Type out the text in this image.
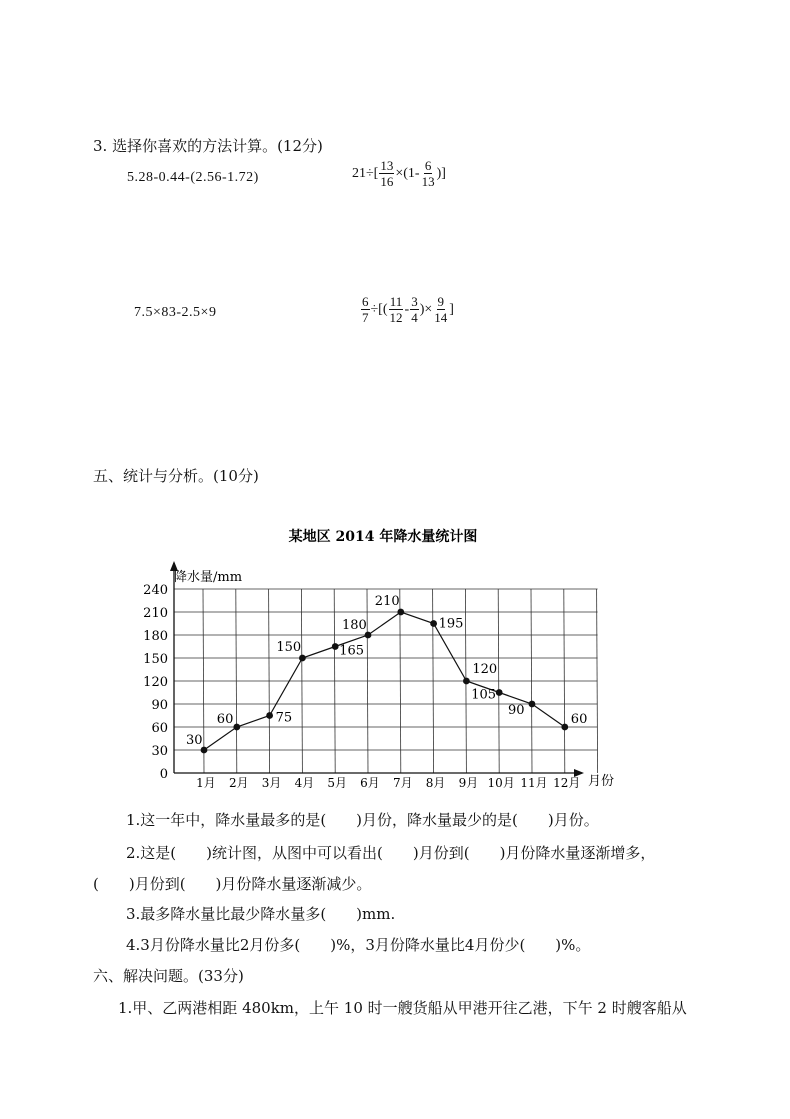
3. 选择你喜欢的方法计算。(12分)
5.28-0.44-(2.56-1.72)	$21\div[ \frac{13}{16} \times(1- \frac{6}{13}$ )]
7.5×83-2.5×9	$\frac{6}{7}$ ÷[( $\frac{11}{12} - \frac{3}{4}$ )× $\frac{9}{14}$ ]
五、统计与分析。(10分)
某地区 2014 年降水量统计图
降水量/mm
月份
0
30
60
90
120
150
180
210
240
1月 2月 3月 4月 5月 6月 7月 8月 9月 10月 11月 12月
30
60	75
150	165
180
210
195
120
105
90
60
1.这一年中，降水量最多的是(　　)月份，降水量最少的是(　　)月份。
2.这是(　　)统计图，从图中可以看出(　　)月份到(　　)月份降水量逐渐增多，
(　　)月份到(　　)月份降水量逐渐减少。
3.最多降水量比最少降水量多(　　)mm.
4.3月份降水量比2月份多(　　)%，3月份降水量比4月份少(　　)%。
六、解决问题。(33分)
1.甲、乙两港相距 480km，上午 10 时一艘货船从甲港开往乙港，下午 2 时艘客船从
